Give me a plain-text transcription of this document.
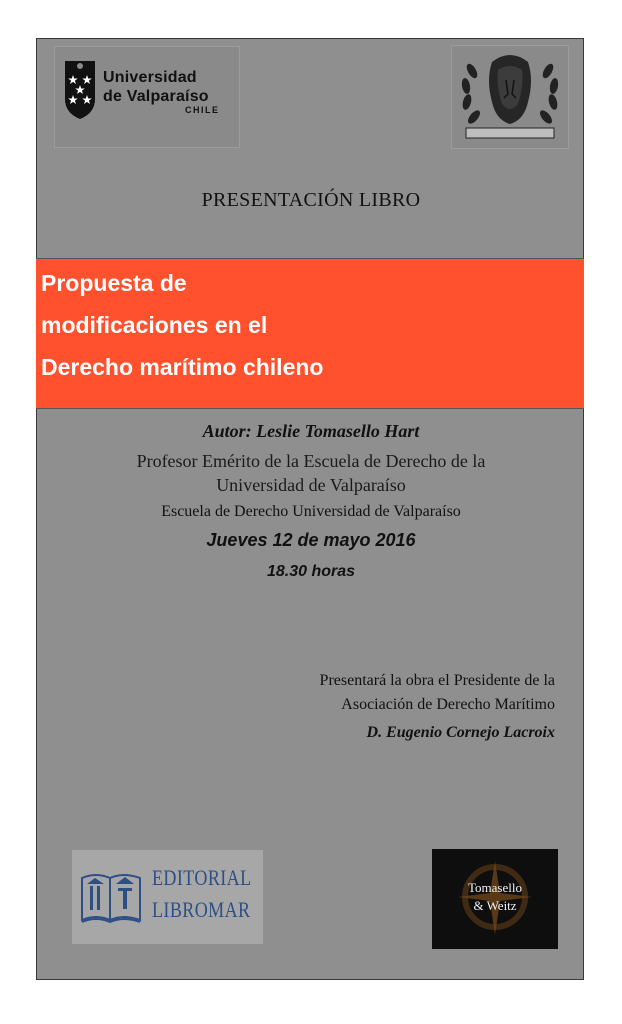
Universidad
de Valparaíso
CHILE
PRESENTACIÓN LIBRO
Propuesta de
modificaciones en el
Derecho marítimo chileno
Autor: Leslie Tomasello Hart
Profesor Emérito de la Escuela de Derecho de la
Universidad de Valparaíso
Escuela de Derecho Universidad de Valparaíso
Jueves 12 de mayo 2016
18.30 horas
Presentará la obra el Presidente de la
Asociación de Derecho Marítimo
D. Eugenio Cornejo Lacroix
EDITORIAL
LIBROMAR
Tomasello
& Weitz
